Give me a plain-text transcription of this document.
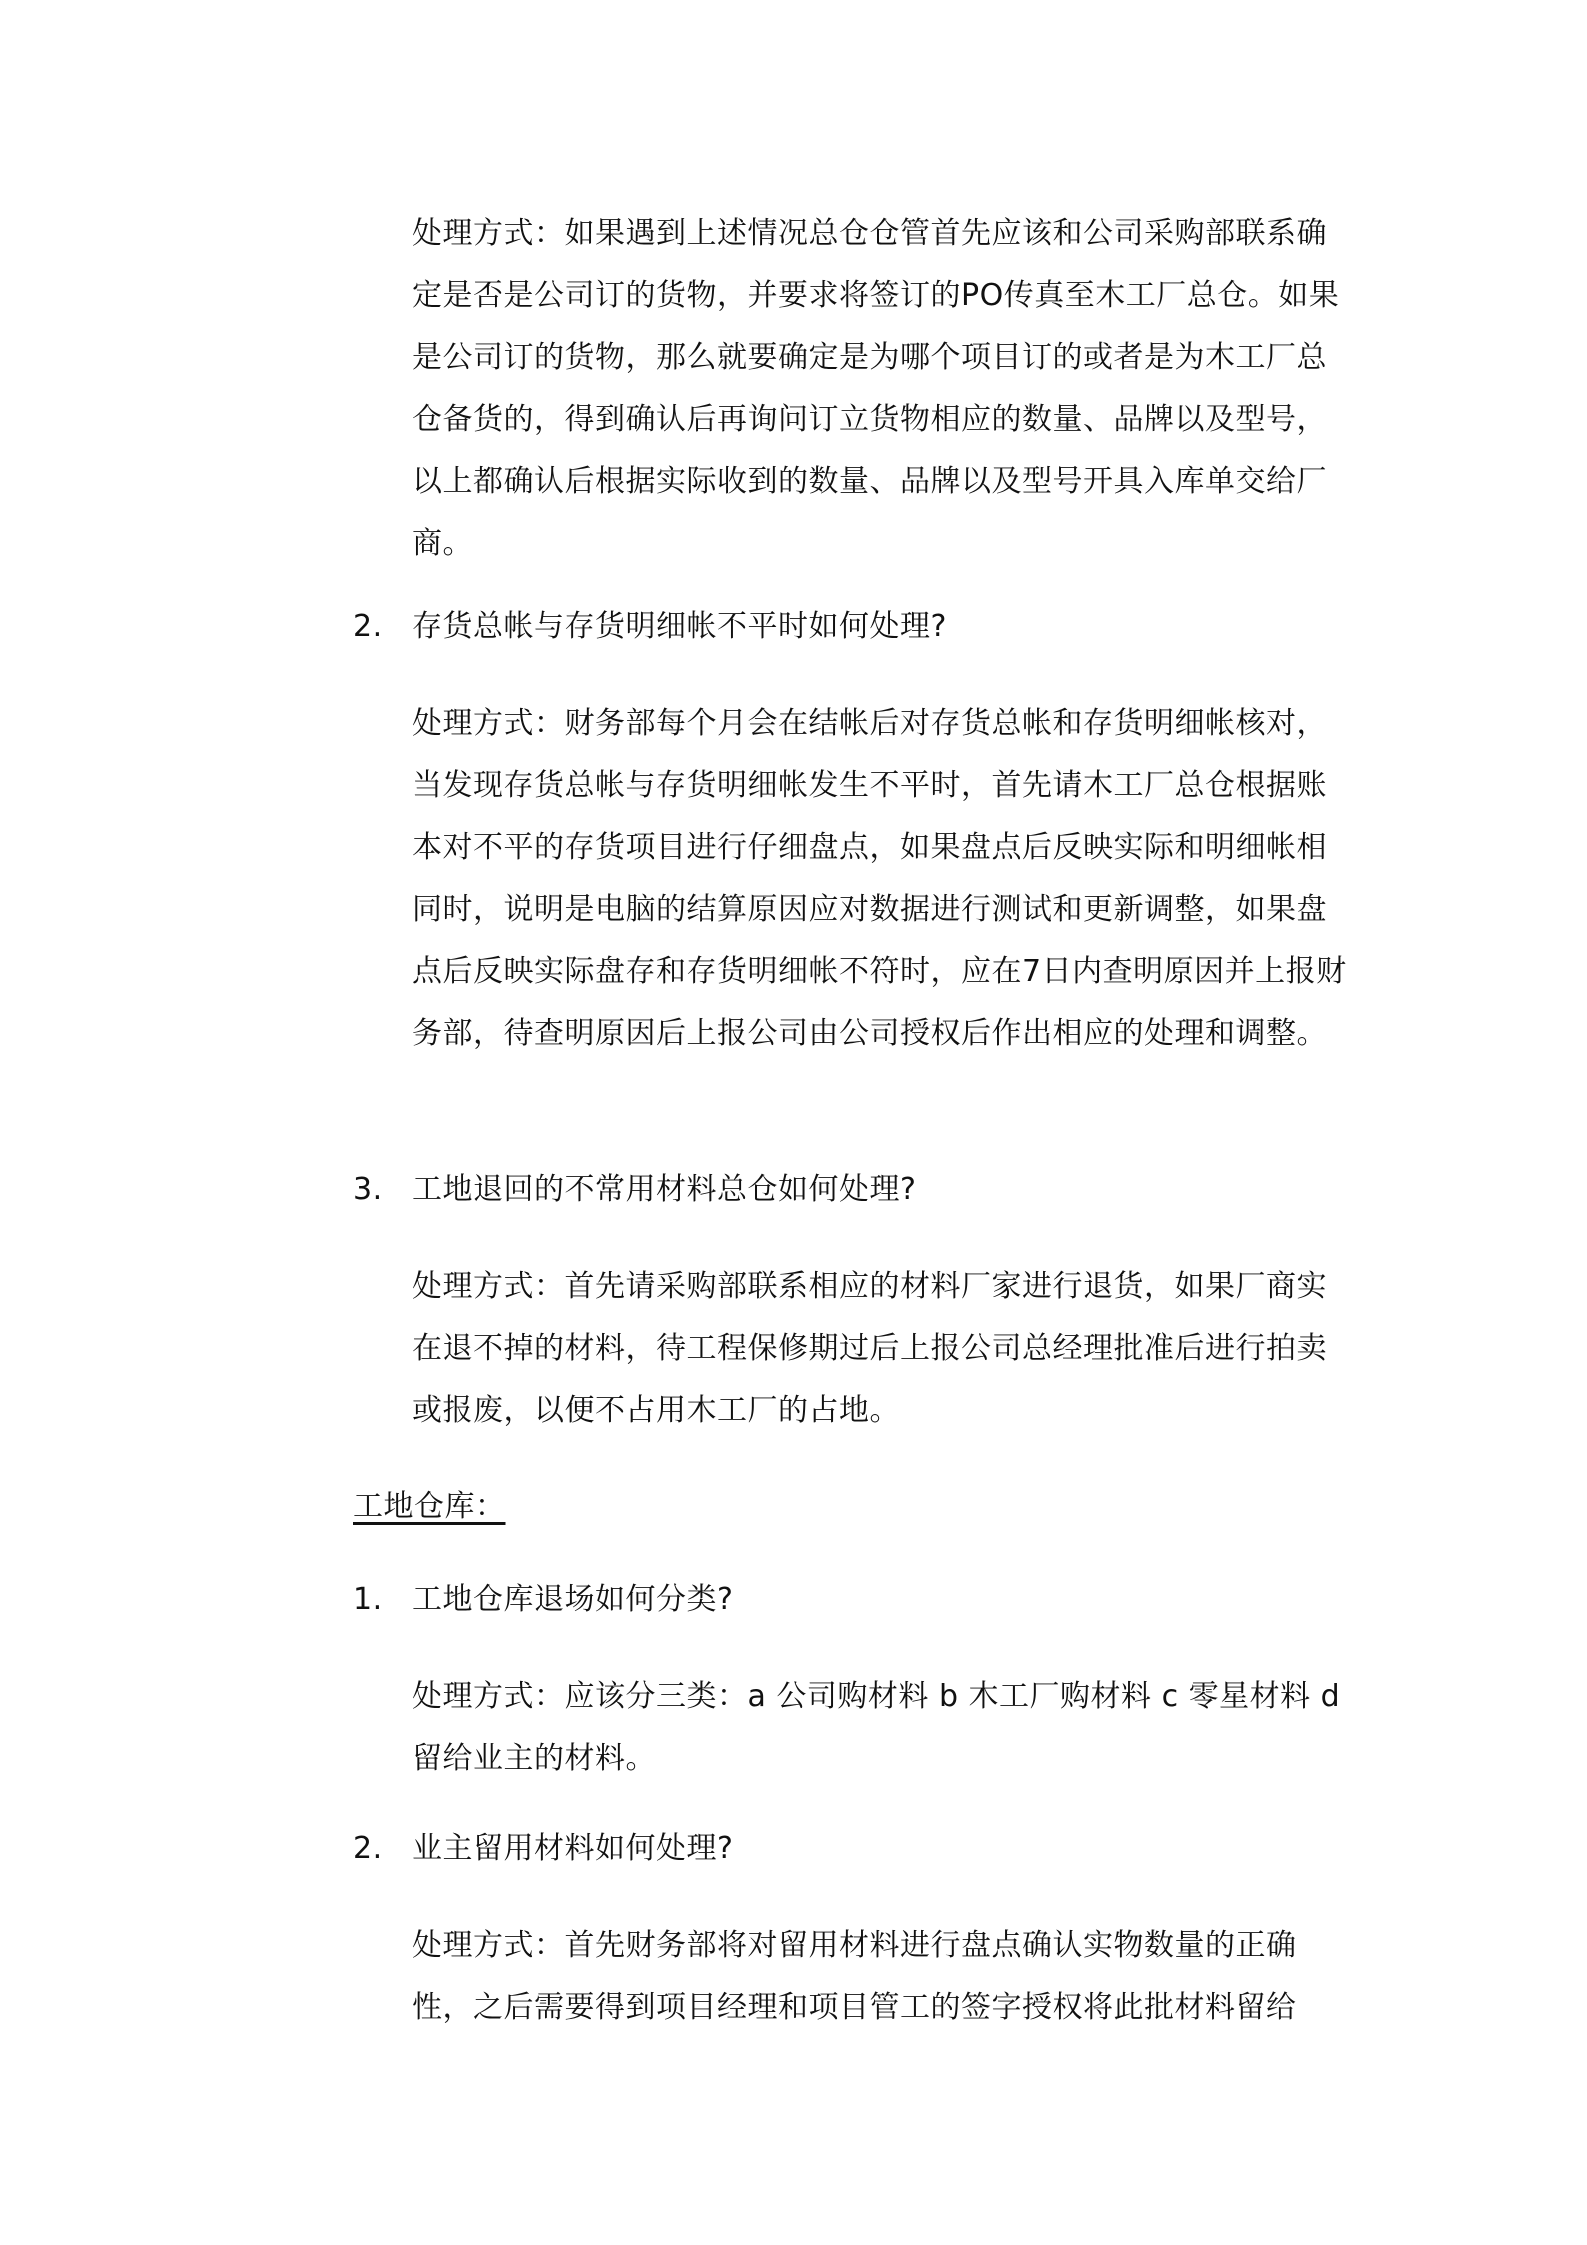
处理方式：如果遇到上述情况总仓仓管首先应该和公司采购部联系确定是否是公司订的货物，并要求将签订的PO传真至木工厂总仓。如果是公司订的货物，那么就要确定是为哪个项目订的或者是为木工厂总仓备货的，得到确认后再询问订立货物相应的数量、品牌以及型号，以上都确认后根据实际收到的数量、品牌以及型号开具入库单交给厂商。

2. 存货总帐与存货明细帐不平时如何处理?

处理方式：财务部每个月会在结帐后对存货总帐和存货明细帐核对，当发现存货总帐与存货明细帐发生不平时，首先请木工厂总仓根据账本对不平的存货项目进行仔细盘点，如果盘点后反映实际和明细帐相同时，说明是电脑的结算原因应对数据进行测试和更新调整，如果盘点后反映实际盘存和存货明细帐不符时，应在7日内查明原因并上报财务部，待查明原因后上报公司由公司授权后作出相应的处理和调整。

3. 工地退回的不常用材料总仓如何处理?

处理方式：首先请采购部联系相应的材料厂家进行退货，如果厂商实在退不掉的材料，待工程保修期过后上报公司总经理批准后进行拍卖或报废，以便不占用木工厂的占地。

工地仓库：

1. 工地仓库退场如何分类?

处理方式：应该分三类：a 公司购材料 b 木工厂购材料 c 零星材料 d 留给业主的材料。

2. 业主留用材料如何处理?

处理方式：首先财务部将对留用材料进行盘点确认实物数量的正确性，之后需要得到项目经理和项目管工的签字授权将此批材料留给
